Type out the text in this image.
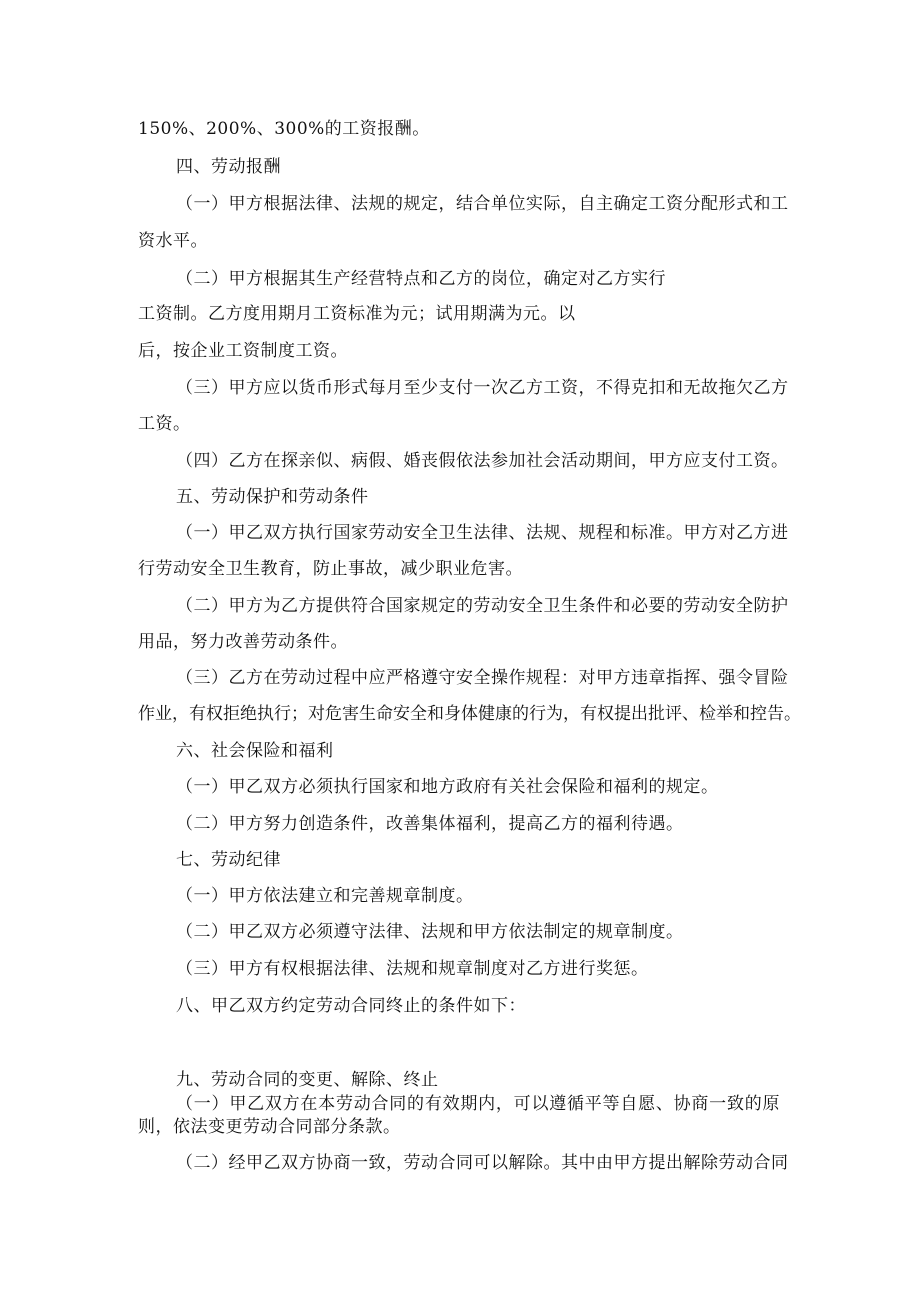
150%、200%、300%的工资报酬。
四、劳动报酬
（一）甲方根据法律、法规的规定，结合单位实际，自主确定工资分配形式和工
资水平。
（二）甲方根据其生产经营特点和乙方的岗位，确定对乙方实行
工资制。乙方度用期月工资标准为元；试用期满为元。以
后，按企业工资制度工资。
（三）甲方应以货币形式每月至少支付一次乙方工资，不得克扣和无故拖欠乙方
工资。
（四）乙方在探亲似、病假、婚丧假依法参加社会活动期间，甲方应支付工资。
五、劳动保护和劳动条件
（一）甲乙双方执行国家劳动安全卫生法律、法规、规程和标准。甲方对乙方进
行劳动安全卫生教育，防止事故，减少职业危害。
（二）甲方为乙方提供符合国家规定的劳动安全卫生条件和必要的劳动安全防护
用品，努力改善劳动条件。
（三）乙方在劳动过程中应严格遵守安全操作规程：对甲方违章指挥、强令冒险
作业，有权拒绝执行；对危害生命安全和身体健康的行为，有权提出批评、检举和控告。
六、社会保险和福利
（一）甲乙双方必须执行国家和地方政府有关社会保险和福利的规定。
（二）甲方努力创造条件，改善集体福利，提高乙方的福利待遇。
七、劳动纪律
（一）甲方依法建立和完善规章制度。
（二）甲乙双方必须遵守法律、法规和甲方依法制定的规章制度。
（三）甲方有权根据法律、法规和规章制度对乙方进行奖惩。
八、甲乙双方约定劳动合同终止的条件如下：
九、劳动合同的变更、解除、终止
（一）甲乙双方在本劳动合同的有效期内，可以遵循平等自愿、协商一致的原
则，依法变更劳动合同部分条款。
（二）经甲乙双方协商一致，劳动合同可以解除。其中由甲方提出解除劳动合同
